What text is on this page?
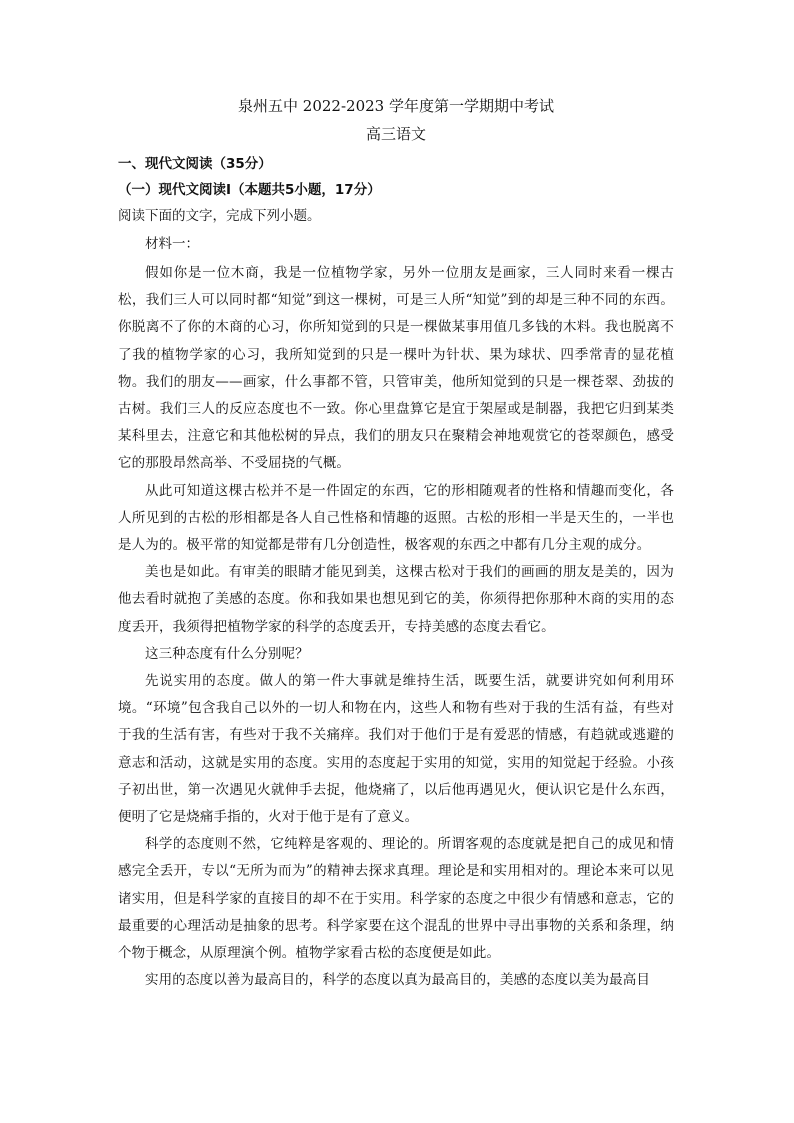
泉州五中 2022-2023 学年度第一学期期中考试
高三语文
一、现代文阅读（35分）
（一）现代文阅读Ⅰ（本题共5小题，17分）
阅读下面的文字，完成下列小题。
材料一：

假如你是一位木商，我是一位植物学家，另外一位朋友是画家，三人同时来看一棵古松，我们三人可以同时都“知觉”到这一棵树，可是三人所“知觉”到的却是三种不同的东西。你脱离不了你的木商的心习，你所知觉到的只是一棵做某事用值几多钱的木料。我也脱离不了我的植物学家的心习，我所知觉到的只是一棵叶为针状、果为球状、四季常青的显花植物。我们的朋友——画家，什么事都不管，只管审美，他所知觉到的只是一棵苍翠、劲拔的古树。我们三人的反应态度也不一致。你心里盘算它是宜于架屋或是制器，我把它归到某类某科里去，注意它和其他松树的异点，我们的朋友只在聚精会神地观赏它的苍翠颜色，感受它的那股昂然高举、不受屈挠的气概。

从此可知道这棵古松并不是一件固定的东西，它的形相随观者的性格和情趣而变化，各人所见到的古松的形相都是各人自己性格和情趣的返照。古松的形相一半是天生的，一半也是人为的。极平常的知觉都是带有几分创造性，极客观的东西之中都有几分主观的成分。

美也是如此。有审美的眼睛才能见到美，这棵古松对于我们的画画的朋友是美的，因为他去看时就抱了美感的态度。你和我如果也想见到它的美，你须得把你那种木商的实用的态度丢开，我须得把植物学家的科学的态度丢开，专持美感的态度去看它。

这三种态度有什么分别呢？

先说实用的态度。做人的第一件大事就是维持生活，既要生活，就要讲究如何利用环境。“环境”包含我自己以外的一切人和物在内，这些人和物有些对于我的生活有益，有些对于我的生活有害，有些对于我不关痛痒。我们对于他们于是有爱恶的情感，有趋就或逃避的意志和活动，这就是实用的态度。实用的态度起于实用的知觉，实用的知觉起于经验。小孩子初出世，第一次遇见火就伸手去捉，他烧痛了，以后他再遇见火，便认识它是什么东西，便明了它是烧痛手指的，火对于他于是有了意义。

科学的态度则不然，它纯粹是客观的、理论的。所谓客观的态度就是把自己的成见和情感完全丢开，专以“无所为而为”的精神去探求真理。理论是和实用相对的。理论本来可以见诸实用，但是科学家的直接目的却不在于实用。科学家的态度之中很少有情感和意志，它的最重要的心理活动是抽象的思考。科学家要在这个混乱的世界中寻出事物的关系和条理，纳个物于概念，从原理演个例。植物学家看古松的态度便是如此。

实用的态度以善为最高目的，科学的态度以真为最高目的，美感的态度以美为最高目
